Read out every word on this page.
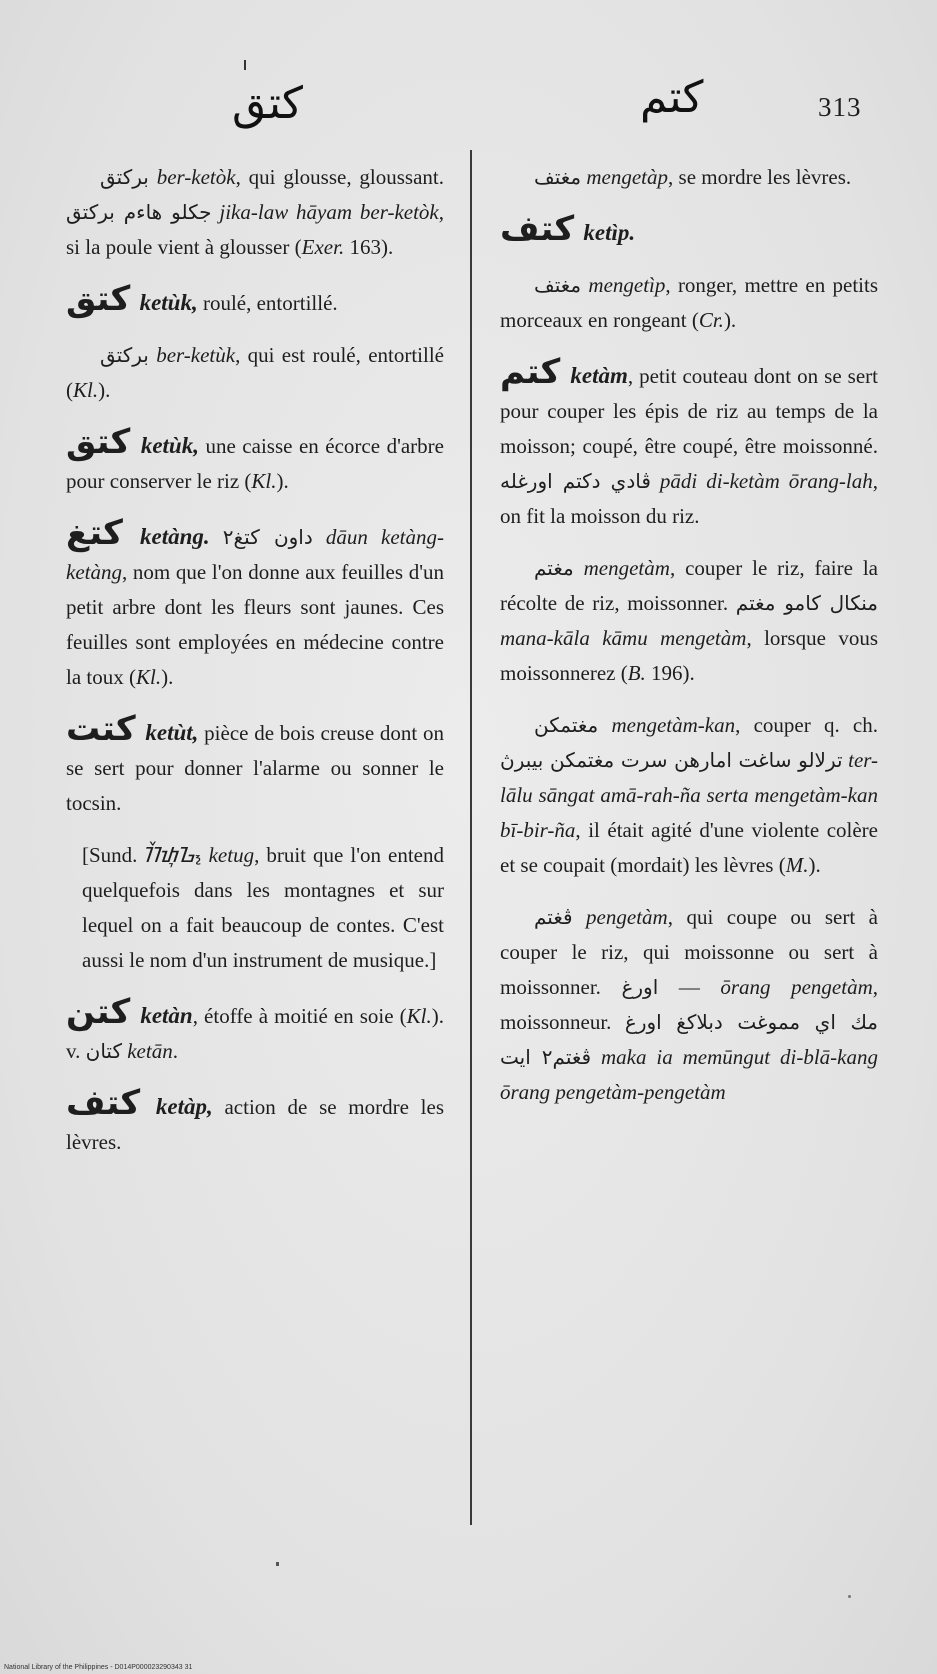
كتق	كتم	313

بركتق ber-ketòk, qui glousse, gloussant. جكلو هاءم بركتق jika-law hāyam ber-ketòk, si la poule vient à glousser (Exer. 163).

كتق ketùk, roulé, entortillé.

بركتق ber-ketùk, qui est roulé, entortillé (Kl.).

كتق ketùk, une caisse en écorce d'arbre pour conserver le riz (Kl.).

كتغ ketàng. داون كتغ٢ dāun ketàng-ketàng, nom que l'on donne aux feuilles d'un petit arbre dont les fleurs sont jaunes. Ces feuilles sont employées en médecine contre la toux (Kl.).

كتت ketùt, pièce de bois creuse dont on se sert pour donner l'alarme ou sonner le tocsin.

[Sund. ᮊᮨᮒᮥᮌ᮪ ketug, bruit que l'on entend quelquefois dans les montagnes et sur lequel on a fait beaucoup de contes. C'est aussi le nom d'un instrument de musique.]

كتن ketàn, étoffe à moitié en soie (Kl.). v. كتان ketān.

كتف ketàp, action de se mordre les lèvres.

مغتف mengetàp, se mordre les lèvres.

كتف ketìp.

مغتف mengetìp, ronger, mettre en petits morceaux en rongeant (Cr.).

كتم ketàm, petit couteau dont on se sert pour couper les épis de riz au temps de la moisson; coupé, être coupé, être moissonné. ڤادي دكتم اورغله pādi di-ketàm ōrang-lah, on fit la moisson du riz.

مغتم mengetàm, couper le riz, faire la récolte de riz, moissonner. منكال كامو مغتم mana-kāla kāmu mengetàm, lorsque vous moissonnerez (B. 196).

مغتمكن mengetàm-kan, couper q. ch. ترلالو ساغت امارهن سرت مغتمكن بيبرڽ ter-lālu sāngat amā-rah-ña serta mengetàm-kan bī-bir-ña, il était agité d'une violente colère et se coupait (mordait) les lèvres (M.).

ڤغتم pengetàm, qui coupe ou sert à couper le riz, qui moissonne ou sert à moissonner. اورغ — ōrang pengetàm, moissonneur. مك اي مموغت دبلاكغ اورغ ڤغتم٢ ايت maka ia memūngut di-blā-kang ōrang pengetàm-pengetàm

National Library of the Philippines - D014P000023290343 31
